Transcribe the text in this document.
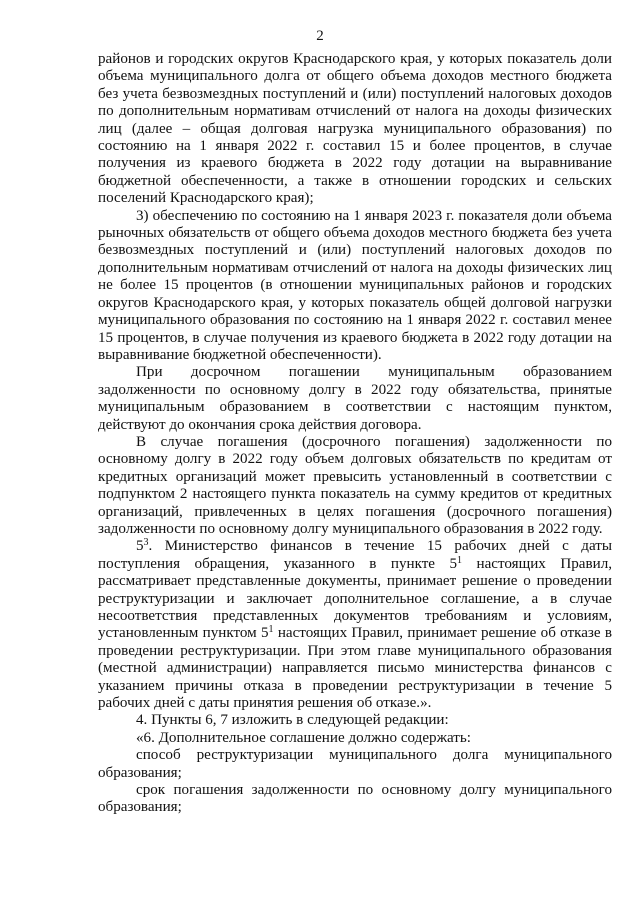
2

районов и городских округов Краснодарского края, у которых показатель доли объема муниципального долга от общего объема доходов местного бюджета без учета безвозмездных поступлений и (или) поступлений налоговых доходов по дополнительным нормативам отчислений от налога на доходы физических лиц (далее – общая долговая нагрузка муниципального образования) по состоянию на 1 января 2022 г. составил 15 и более процентов, в случае получения из краевого бюджета в 2022 году дотации на выравнивание бюджетной обеспеченности, а также в отношении городских и сельских поселений Краснодарского края);

3) обеспечению по состоянию на 1 января 2023 г. показателя доли объема рыночных обязательств от общего объема доходов местного бюджета без учета безвозмездных поступлений и (или) поступлений налоговых доходов по дополнительным нормативам отчислений от налога на доходы физических лиц не более 15 процентов (в отношении муниципальных районов и городских округов Краснодарского края, у которых показатель общей долговой нагрузки муниципального образования по состоянию на 1 января 2022 г. составил менее 15 процентов, в случае получения из краевого бюджета в 2022 году дотации на выравнивание бюджетной обеспеченности).

При досрочном погашении муниципальным образованием задолженности по основному долгу в 2022 году обязательства, принятые муниципальным образованием в соответствии с настоящим пунктом, действуют до окончания срока действия договора.

В случае погашения (досрочного погашения) задолженности по основному долгу в 2022 году объем долговых обязательств по кредитам от кредитных организаций может превысить установленный в соответствии с подпунктом 2 настоящего пункта показатель на сумму кредитов от кредитных организаций, привлеченных в целях погашения (досрочного погашения) задолженности по основному долгу муниципального образования в 2022 году.

$5^3$. Министерство финансов в течение 15 рабочих дней с даты поступления обращения, указанного в пункте $5^1$ настоящих Правил, рассматривает представленные документы, принимает решение о проведении реструктуризации и заключает дополнительное соглашение, а в случае несоответствия представленных документов требованиям и условиям, установленным пунктом $5^1$ настоящих Правил, принимает решение об отказе в проведении реструктуризации. При этом главе муниципального образования (местной администрации) направляется письмо министерства финансов с указанием причины отказа в проведении реструктуризации в течение 5 рабочих дней с даты принятия решения об отказе.».

4. Пункты 6, 7 изложить в следующей редакции:

«6. Дополнительное соглашение должно содержать:

способ реструктуризации муниципального долга муниципального образования;

срок погашения задолженности по основному долгу муниципального образования;
